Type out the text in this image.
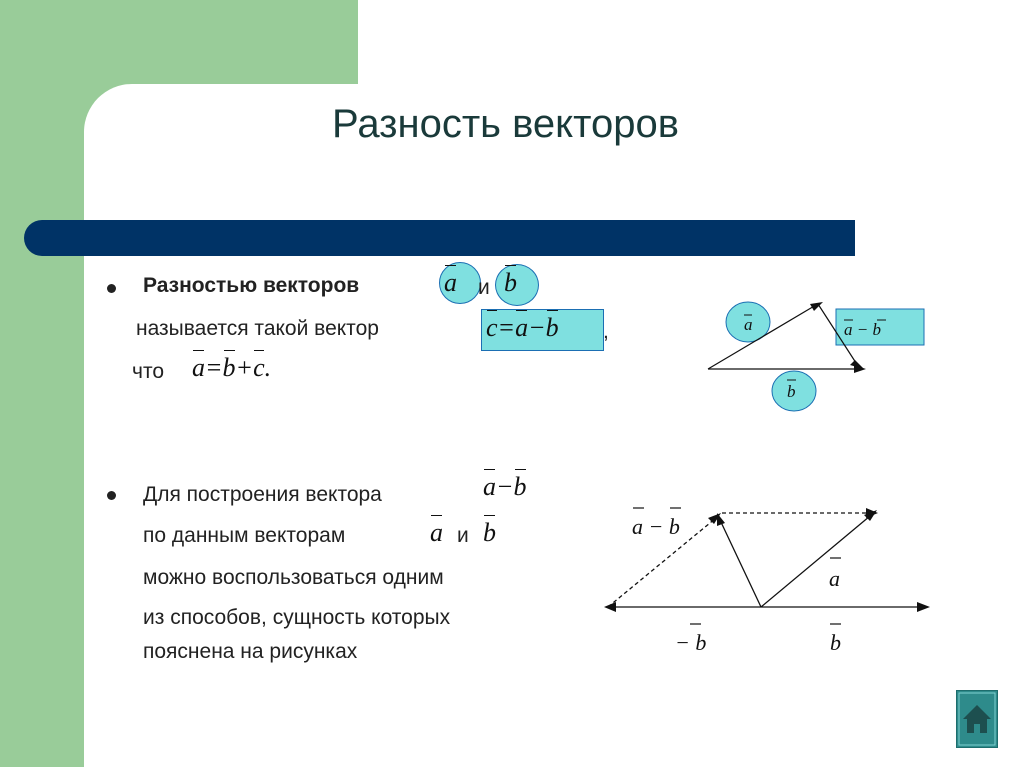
Разность векторов
Разностью векторов	a и b
называется такой вектор	c=a−b ,
что a=b+c.
a	a − b
b
Для построения вектора	a−b
по данным векторам	a и b
можно воспользоваться одним
из способов, сущность которых
пояснена на рисунках
a − b
a
− b	b
